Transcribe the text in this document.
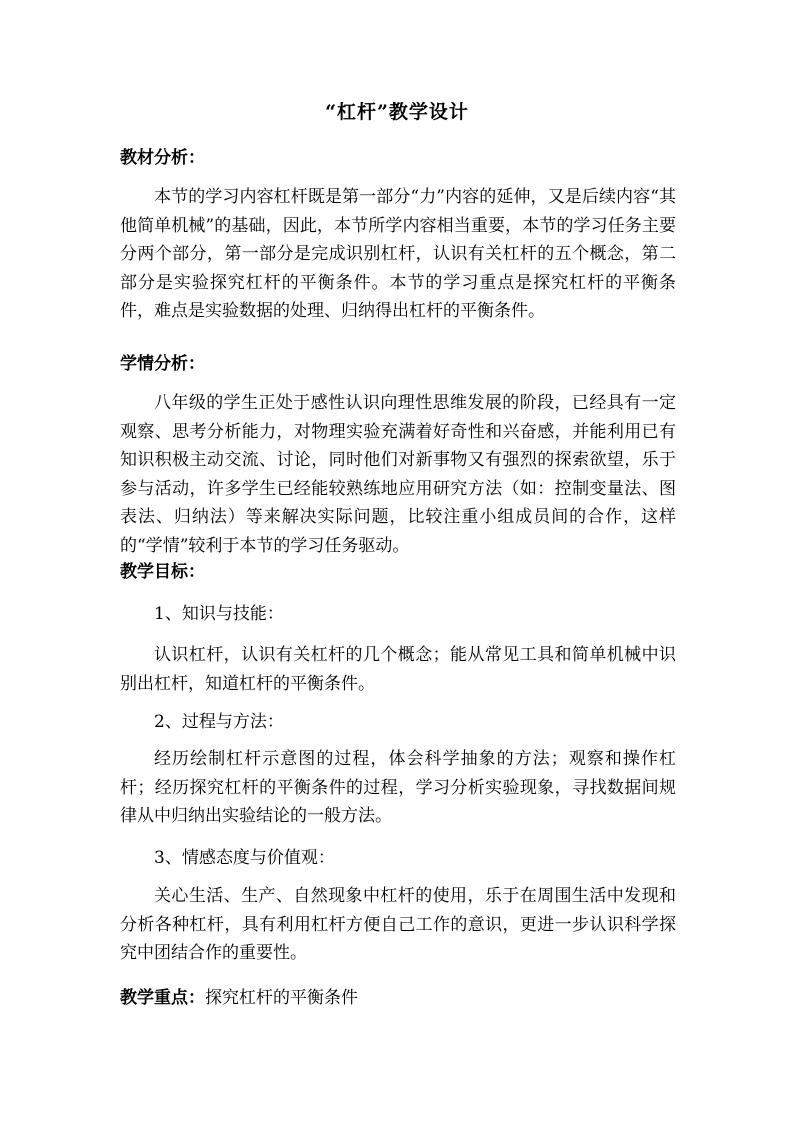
“杠杆”教学设计
教材分析：
本节的学习内容杠杆既是第一部分“力”内容的延伸，又是后续内容“其他简单机械”的基础，因此，本节所学内容相当重要，本节的学习任务主要分两个部分，第一部分是完成识别杠杆，认识有关杠杆的五个概念，第二部分是实验探究杠杆的平衡条件。本节的学习重点是探究杠杆的平衡条件，难点是实验数据的处理、归纳得出杠杆的平衡条件。
学情分析：
八年级的学生正处于感性认识向理性思维发展的阶段，已经具有一定观察、思考分析能力，对物理实验充满着好奇性和兴奋感，并能利用已有知识积极主动交流、讨论，同时他们对新事物又有强烈的探索欲望，乐于参与活动，许多学生已经能较熟练地应用研究方法（如：控制变量法、图表法、归纳法）等来解决实际问题，比较注重小组成员间的合作，这样的“学情”较利于本节的学习任务驱动。
教学目标：
1、知识与技能：
认识杠杆，认识有关杠杆的几个概念；能从常见工具和简单机械中识别出杠杆，知道杠杆的平衡条件。
2、过程与方法：
经历绘制杠杆示意图的过程，体会科学抽象的方法；观察和操作杠杆；经历探究杠杆的平衡条件的过程，学习分析实验现象，寻找数据间规律从中归纳出实验结论的一般方法。
3、情感态度与价值观：
关心生活、生产、自然现象中杠杆的使用，乐于在周围生活中发现和分析各种杠杆，具有利用杠杆方便自己工作的意识，更进一步认识科学探究中团结合作的重要性。
教学重点：探究杠杆的平衡条件
